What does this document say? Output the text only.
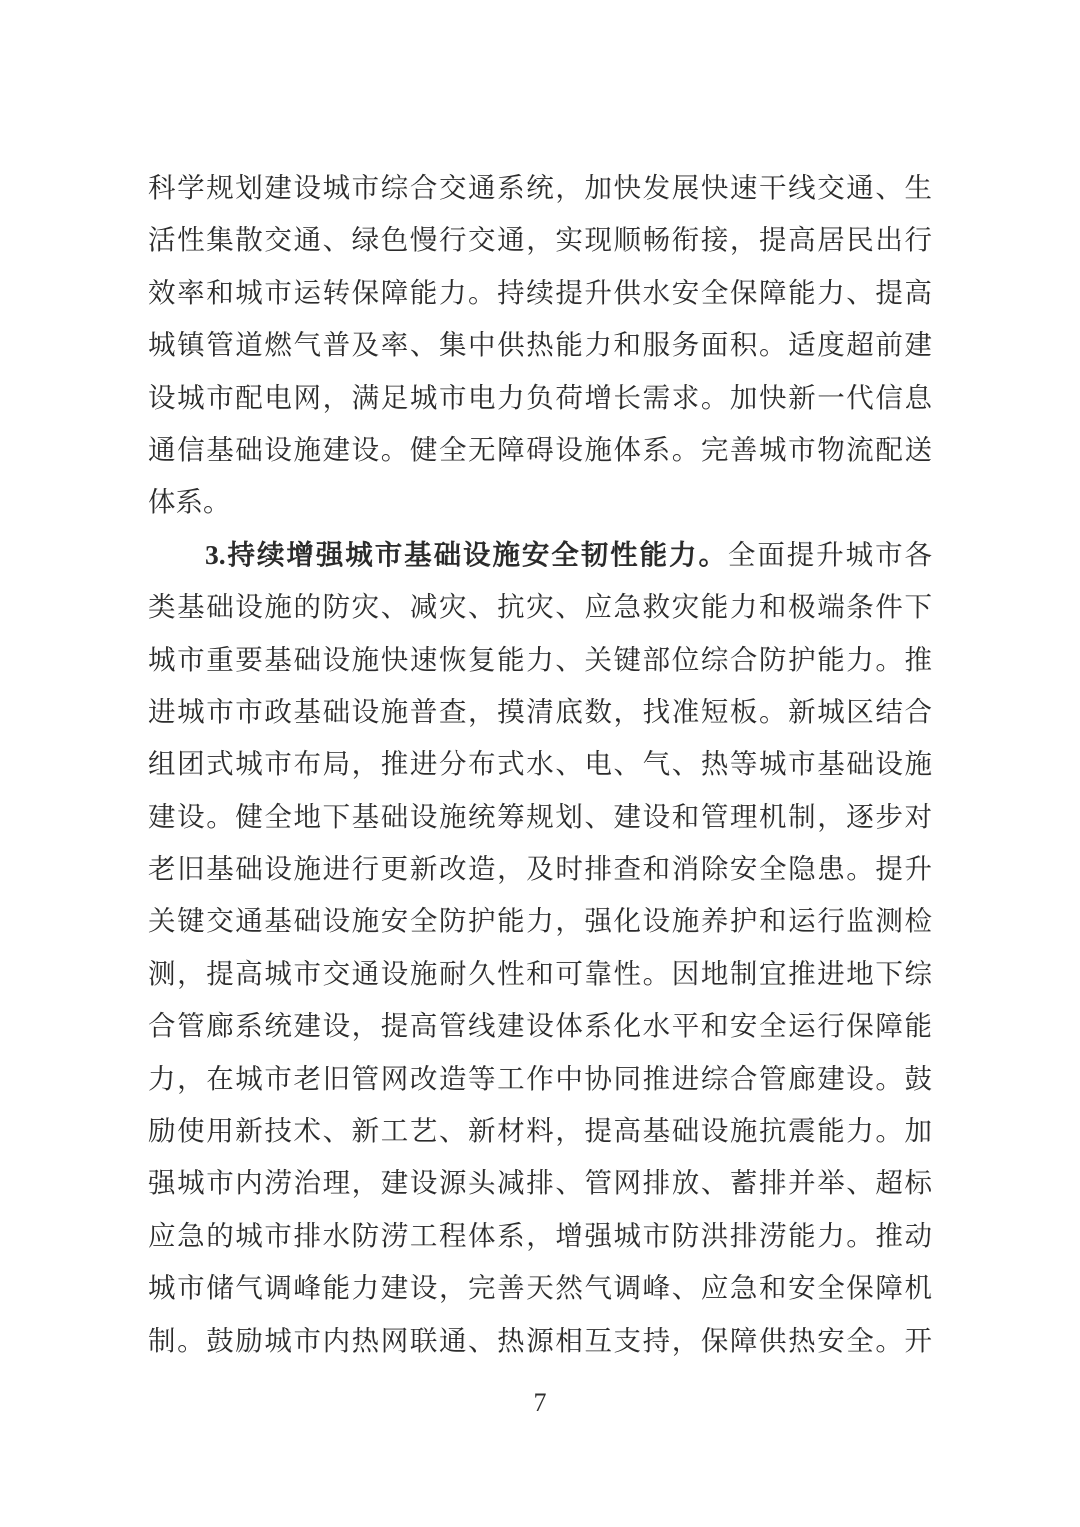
科学规划建设城市综合交通系统，加快发展快速干线交通、生
活性集散交通、绿色慢行交通，实现顺畅衔接，提高居民出行
效率和城市运转保障能力。持续提升供水安全保障能力、提高
城镇管道燃气普及率、集中供热能力和服务面积。适度超前建
设城市配电网，满足城市电力负荷增长需求。加快新一代信息
通信基础设施建设。健全无障碍设施体系。完善城市物流配送
体系。
3.持续增强城市基础设施安全韧性能力。全面提升城市各
类基础设施的防灾、减灾、抗灾、应急救灾能力和极端条件下
城市重要基础设施快速恢复能力、关键部位综合防护能力。推
进城市市政基础设施普查，摸清底数，找准短板。新城区结合
组团式城市布局，推进分布式水、电、气、热等城市基础设施
建设。健全地下基础设施统筹规划、建设和管理机制，逐步对
老旧基础设施进行更新改造，及时排查和消除安全隐患。提升
关键交通基础设施安全防护能力，强化设施养护和运行监测检
测，提高城市交通设施耐久性和可靠性。因地制宜推进地下综
合管廊系统建设，提高管线建设体系化水平和安全运行保障能
力，在城市老旧管网改造等工作中协同推进综合管廊建设。鼓
励使用新技术、新工艺、新材料，提高基础设施抗震能力。加
强城市内涝治理，建设源头减排、管网排放、蓄排并举、超标
应急的城市排水防涝工程体系，增强城市防洪排涝能力。推动
城市储气调峰能力建设，完善天然气调峰、应急和安全保障机
制。鼓励城市内热网联通、热源相互支持，保障供热安全。开
7
